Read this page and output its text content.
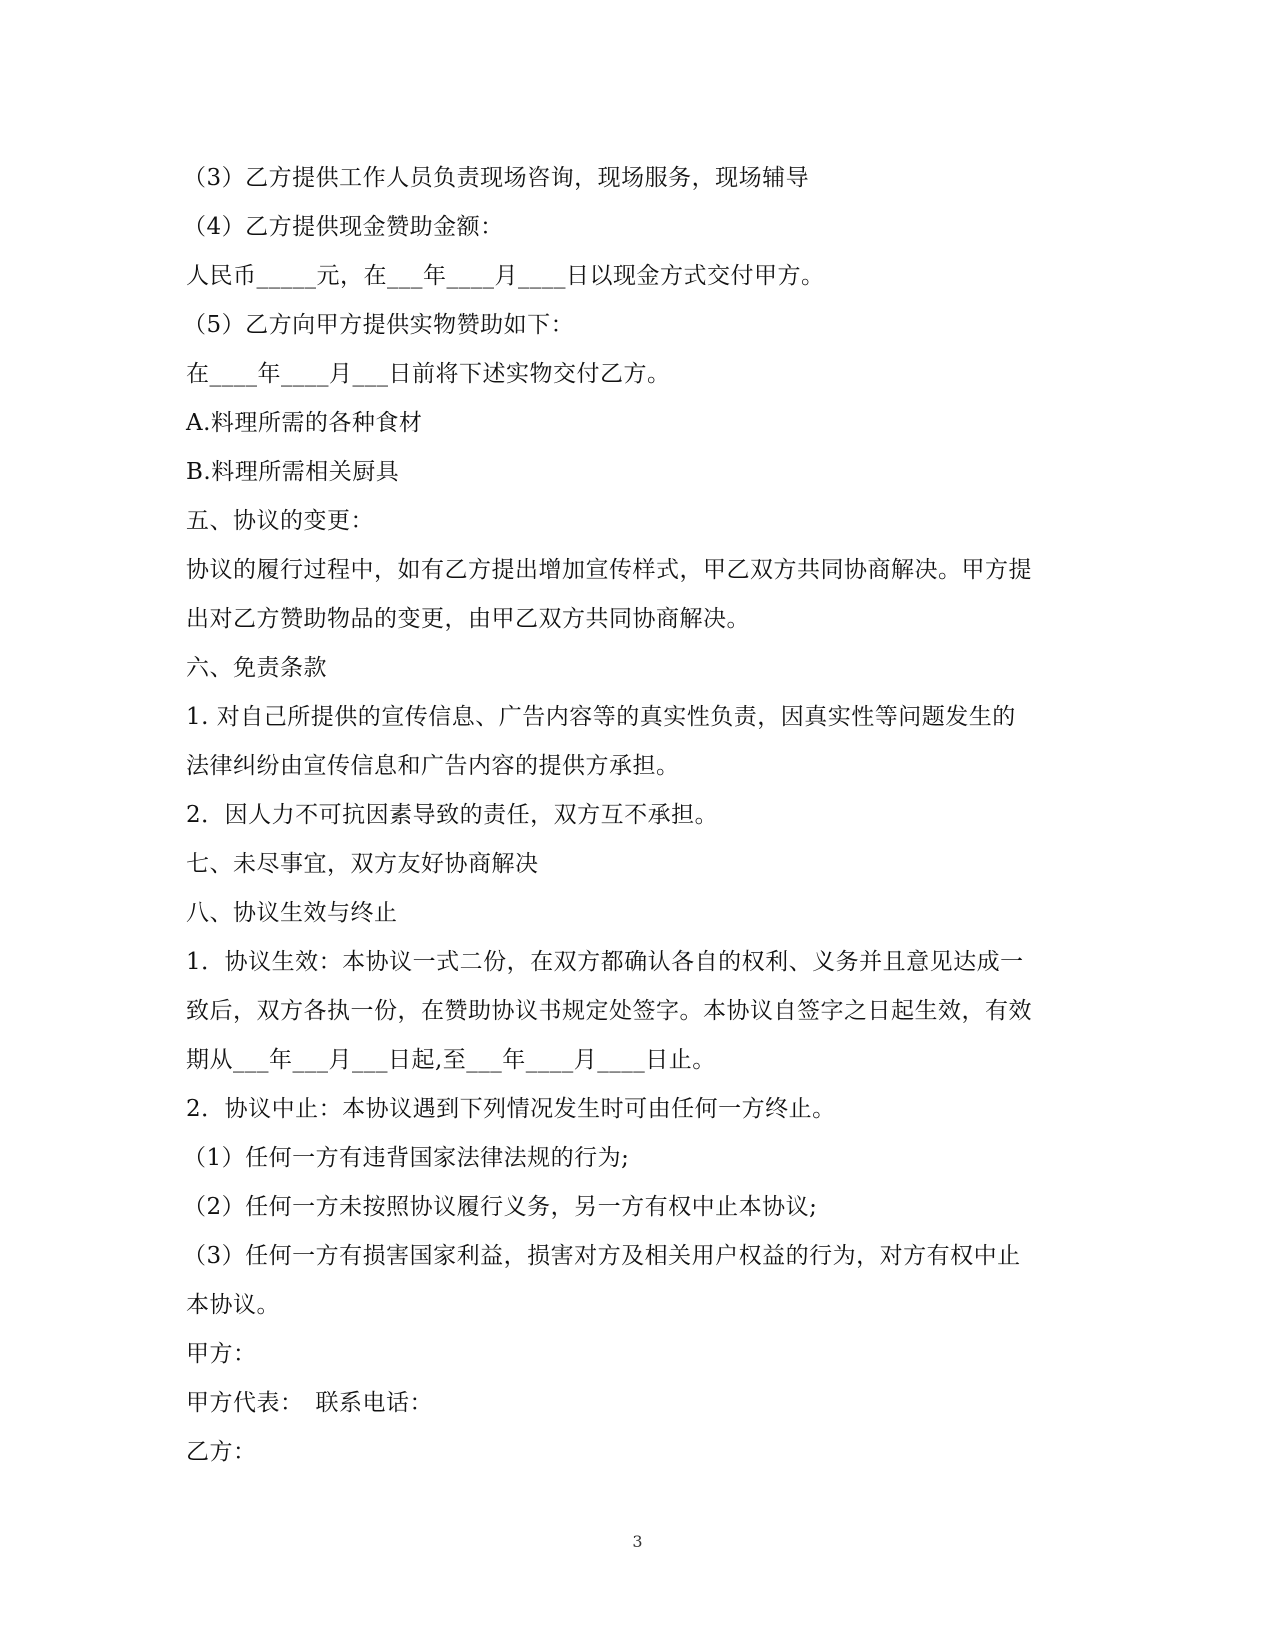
（3）乙方提供工作人员负责现场咨询，现场服务，现场辅导
（4）乙方提供现金赞助金额：
人民币_____元，在___年____月____日以现金方式交付甲方。
（5）乙方向甲方提供实物赞助如下：
在____年____月___日前将下述实物交付乙方。
A.料理所需的各种食材
B.料理所需相关厨具
五、协议的变更：
协议的履行过程中，如有乙方提出增加宣传样式，甲乙双方共同协商解决。甲方提
出对乙方赞助物品的变更，由甲乙双方共同协商解决。
六、免责条款
1. 对自己所提供的宣传信息、广告内容等的真实性负责，因真实性等问题发生的
法律纠纷由宣传信息和广告内容的提供方承担。
2．因人力不可抗因素导致的责任，双方互不承担。
七、未尽事宜，双方友好协商解决
八、协议生效与终止
1．协议生效：本协议一式二份，在双方都确认各自的权利、义务并且意见达成一
致后，双方各执一份，在赞助协议书规定处签字。本协议自签字之日起生效，有效
期从___年___月___日起,至___年____月____日止。
2．协议中止：本协议遇到下列情况发生时可由任何一方终止。
（1）任何一方有违背国家法律法规的行为;
（2）任何一方未按照协议履行义务，另一方有权中止本协议;
（3）任何一方有损害国家利益，损害对方及相关用户权益的行为，对方有权中止
本协议。
甲方：
甲方代表：　联系电话：
乙方：
3
